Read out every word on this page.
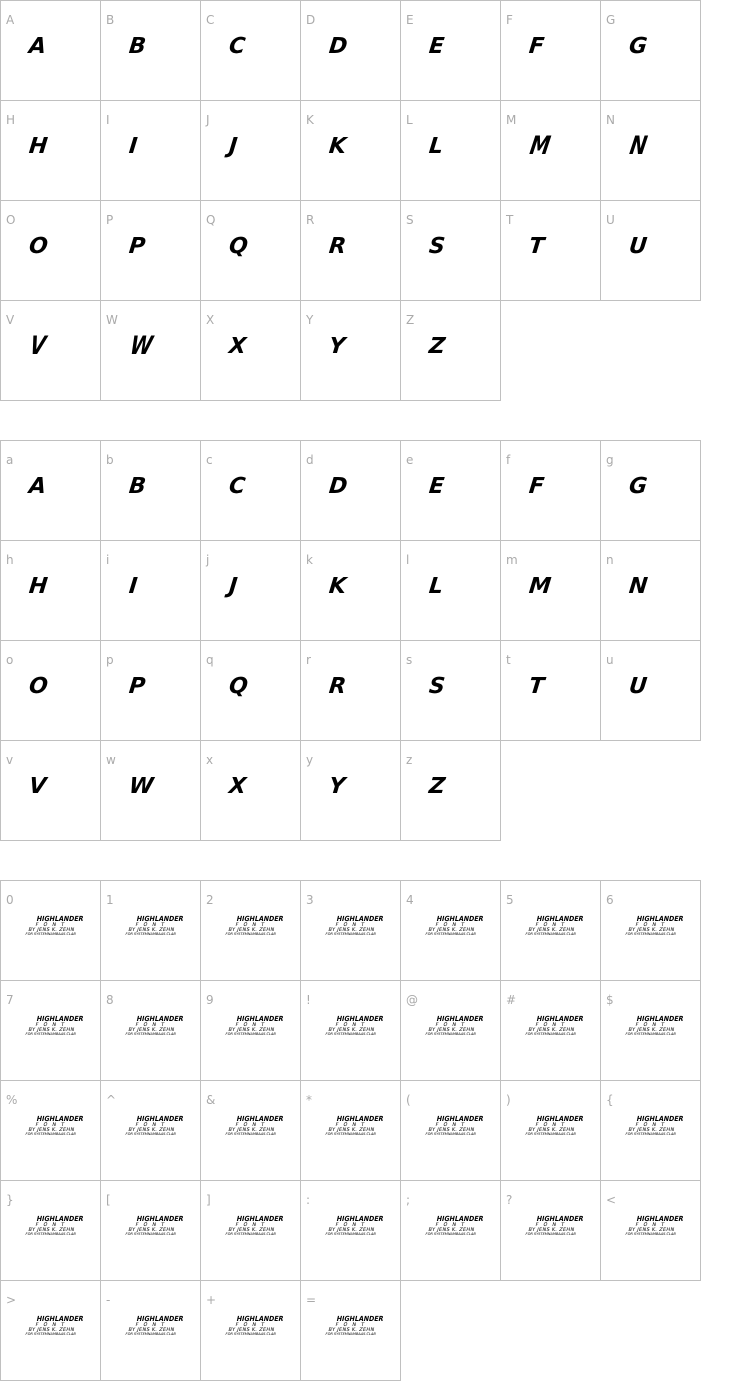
A
A
B
B
C
C
D
D
E
E
F
F
G
G
H
H
I
I
J
J
K
K
L
L
M
M
N
N
O
O
P
P
Q
Q
R
R
S
S
T
T
U
U
V
V
W
W
X
X
Y
Y
Z
Z
a
A
b
B
c
C
d
D
e
E
f
F
g
G
h
H
i
I
j
J
k
K
l
L
m
M
n
N
o
O
p
P
q
Q
r
R
s
S
t
T
u
U
v
V
w
W
x
X
y
Y
z
Z
0
HIGHLANDER
FONT
BY JENS K. ZEHN
FOR SYSTEMNAMBAAS.CLAB
1
HIGHLANDER
FONT
BY JENS K. ZEHN
FOR SYSTEMNAMBAAS.CLAB
2
HIGHLANDER
FONT
BY JENS K. ZEHN
FOR SYSTEMNAMBAAS.CLAB
3
HIGHLANDER
FONT
BY JENS K. ZEHN
FOR SYSTEMNAMBAAS.CLAB
4
HIGHLANDER
FONT
BY JENS K. ZEHN
FOR SYSTEMNAMBAAS.CLAB
5
HIGHLANDER
FONT
BY JENS K. ZEHN
FOR SYSTEMNAMBAAS.CLAB
6
HIGHLANDER
FONT
BY JENS K. ZEHN
FOR SYSTEMNAMBAAS.CLAB
7
HIGHLANDER
FONT
BY JENS K. ZEHN
FOR SYSTEMNAMBAAS.CLAB
8
HIGHLANDER
FONT
BY JENS K. ZEHN
FOR SYSTEMNAMBAAS.CLAB
9
HIGHLANDER
FONT
BY JENS K. ZEHN
FOR SYSTEMNAMBAAS.CLAB
!
HIGHLANDER
FONT
BY JENS K. ZEHN
FOR SYSTEMNAMBAAS.CLAB
@
HIGHLANDER
FONT
BY JENS K. ZEHN
FOR SYSTEMNAMBAAS.CLAB
#
HIGHLANDER
FONT
BY JENS K. ZEHN
FOR SYSTEMNAMBAAS.CLAB
$
HIGHLANDER
FONT
BY JENS K. ZEHN
FOR SYSTEMNAMBAAS.CLAB
%
HIGHLANDER
FONT
BY JENS K. ZEHN
FOR SYSTEMNAMBAAS.CLAB
^
HIGHLANDER
FONT
BY JENS K. ZEHN
FOR SYSTEMNAMBAAS.CLAB
&
HIGHLANDER
FONT
BY JENS K. ZEHN
FOR SYSTEMNAMBAAS.CLAB
*
HIGHLANDER
FONT
BY JENS K. ZEHN
FOR SYSTEMNAMBAAS.CLAB
(
HIGHLANDER
FONT
BY JENS K. ZEHN
FOR SYSTEMNAMBAAS.CLAB
)
HIGHLANDER
FONT
BY JENS K. ZEHN
FOR SYSTEMNAMBAAS.CLAB
{
HIGHLANDER
FONT
BY JENS K. ZEHN
FOR SYSTEMNAMBAAS.CLAB
}
HIGHLANDER
FONT
BY JENS K. ZEHN
FOR SYSTEMNAMBAAS.CLAB
[
HIGHLANDER
FONT
BY JENS K. ZEHN
FOR SYSTEMNAMBAAS.CLAB
]
HIGHLANDER
FONT
BY JENS K. ZEHN
FOR SYSTEMNAMBAAS.CLAB
:
HIGHLANDER
FONT
BY JENS K. ZEHN
FOR SYSTEMNAMBAAS.CLAB
;
HIGHLANDER
FONT
BY JENS K. ZEHN
FOR SYSTEMNAMBAAS.CLAB
?
HIGHLANDER
FONT
BY JENS K. ZEHN
FOR SYSTEMNAMBAAS.CLAB
<
HIGHLANDER
FONT
BY JENS K. ZEHN
FOR SYSTEMNAMBAAS.CLAB
>
HIGHLANDER
FONT
BY JENS K. ZEHN
FOR SYSTEMNAMBAAS.CLAB
-
HIGHLANDER
FONT
BY JENS K. ZEHN
FOR SYSTEMNAMBAAS.CLAB
+
HIGHLANDER
FONT
BY JENS K. ZEHN
FOR SYSTEMNAMBAAS.CLAB
=
HIGHLANDER
FONT
BY JENS K. ZEHN
FOR SYSTEMNAMBAAS.CLAB
